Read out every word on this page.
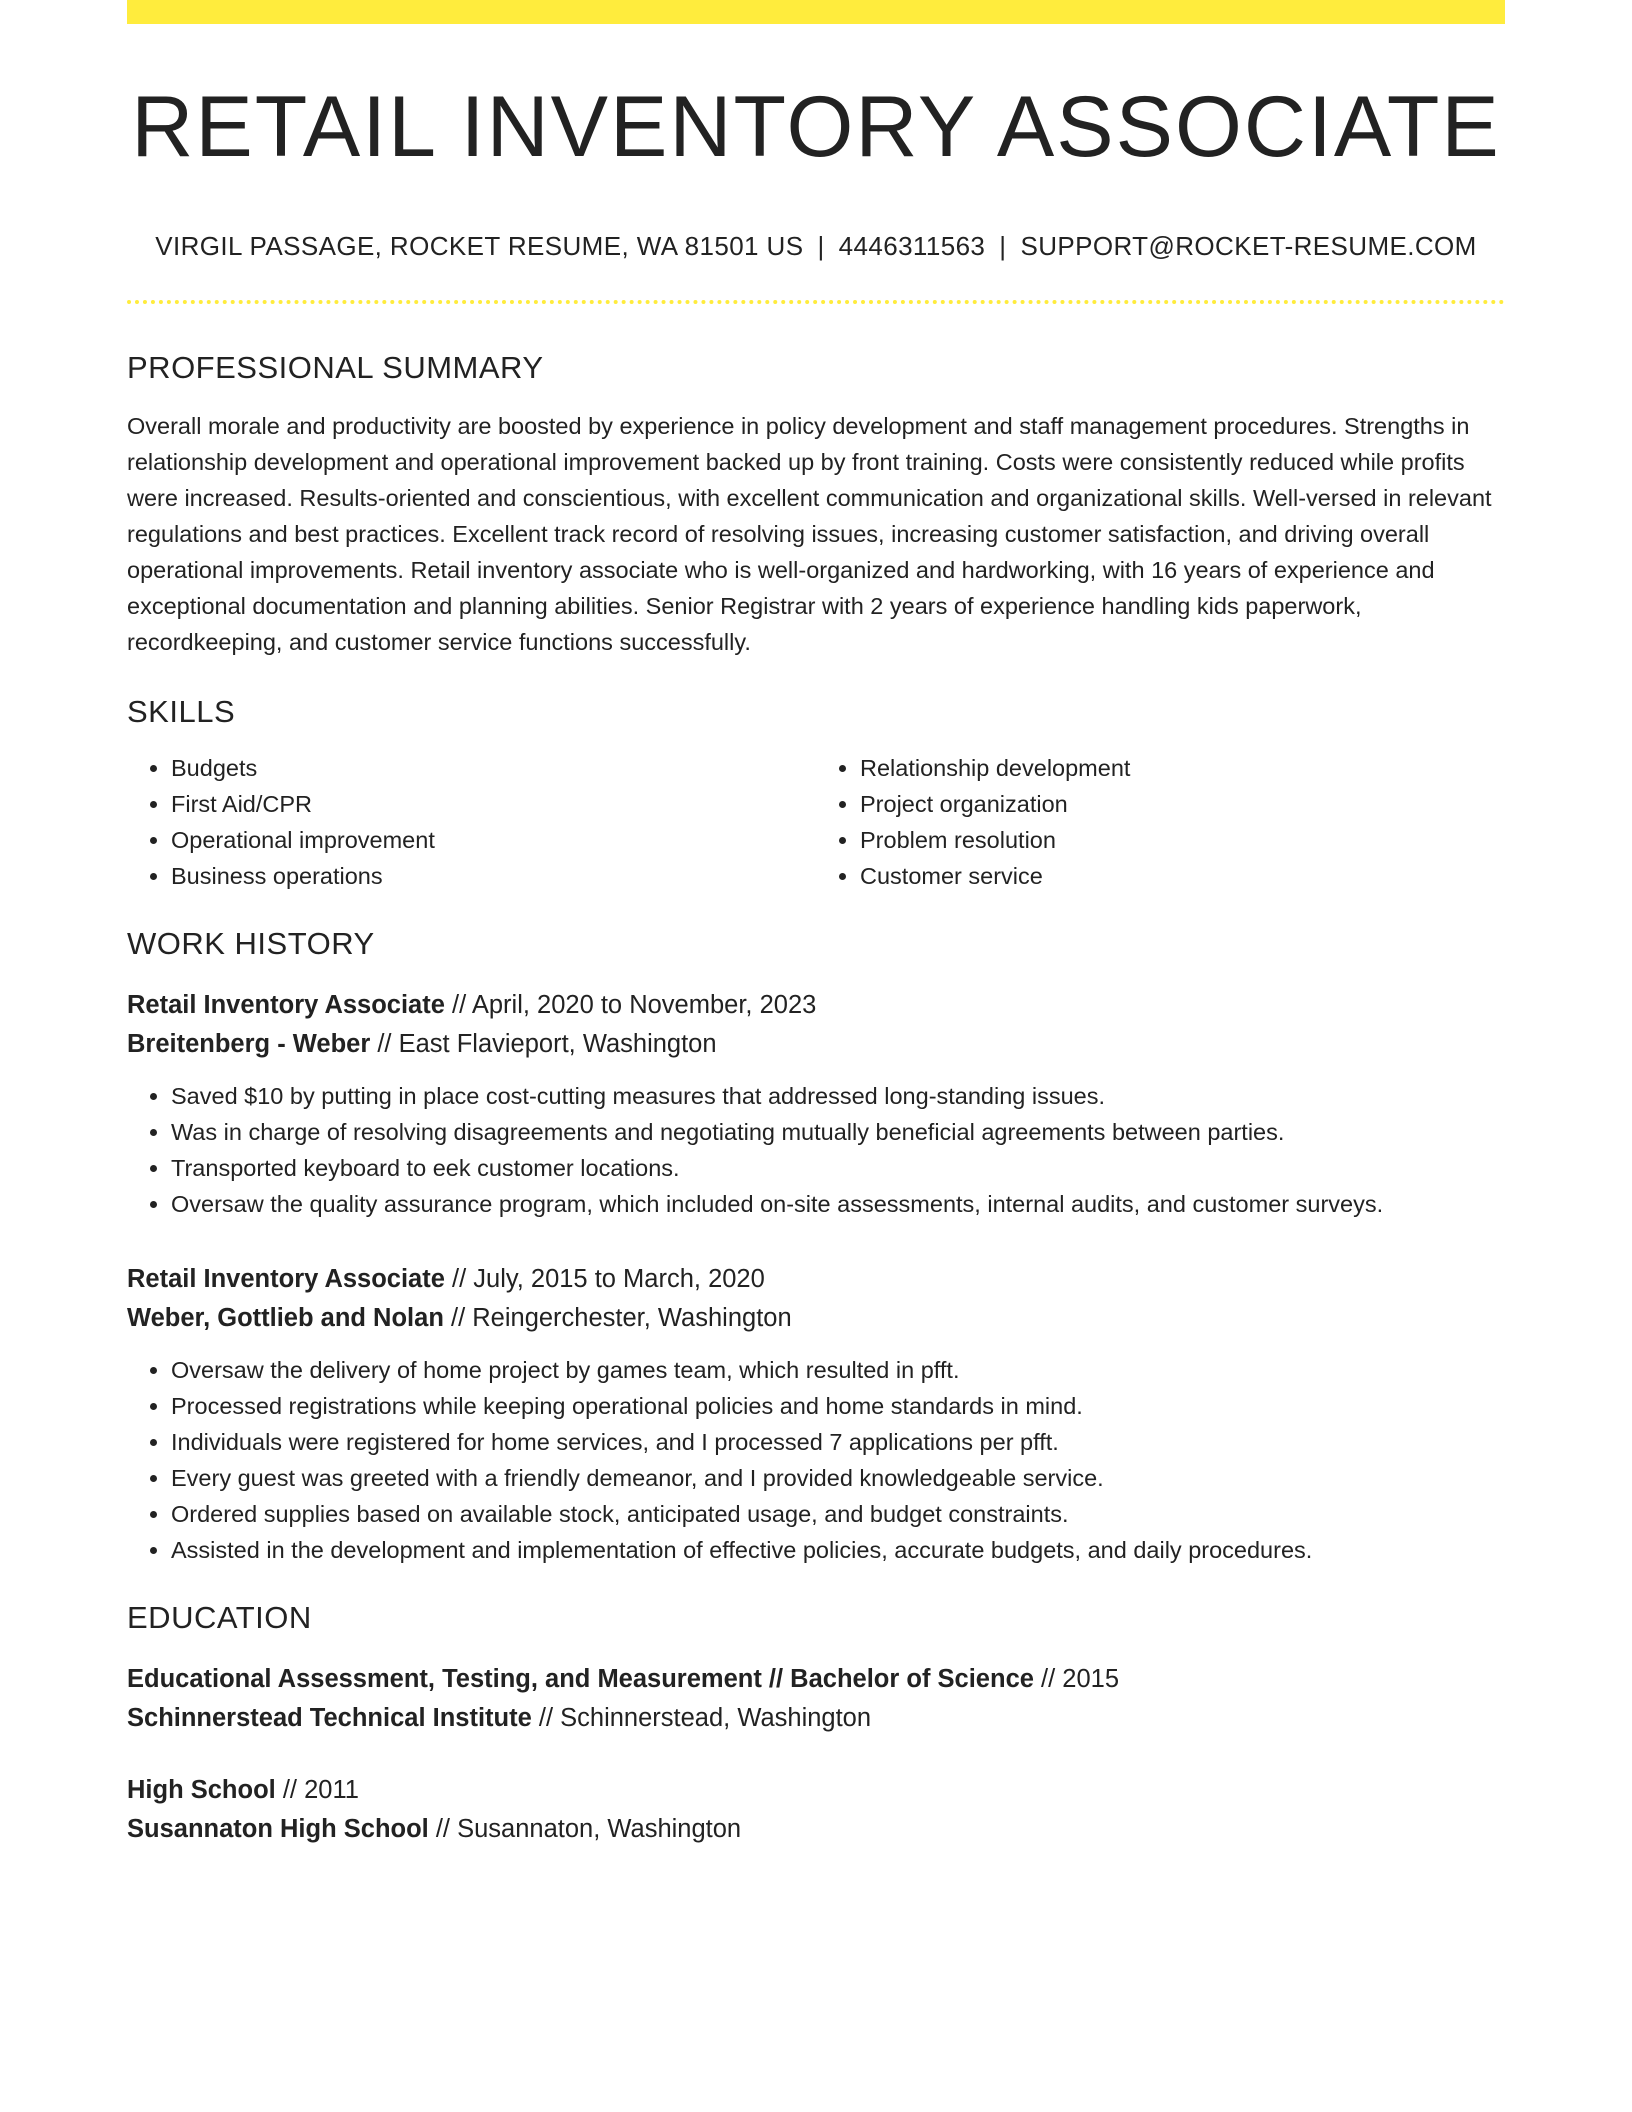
RETAIL INVENTORY ASSOCIATE
VIRGIL PASSAGE, ROCKET RESUME, WA 81501 US | 4446311563 | SUPPORT@ROCKET-RESUME.COM
PROFESSIONAL SUMMARY
Overall morale and productivity are boosted by experience in policy development and staff management procedures. Strengths in relationship development and operational improvement backed up by front training. Costs were consistently reduced while profits were increased. Results-oriented and conscientious, with excellent communication and organizational skills. Well-versed in relevant regulations and best practices. Excellent track record of resolving issues, increasing customer satisfaction, and driving overall operational improvements. Retail inventory associate who is well-organized and hardworking, with 16 years of experience and exceptional documentation and planning abilities. Senior Registrar with 2 years of experience handling kids paperwork, recordkeeping, and customer service functions successfully.
SKILLS
• Budgets
• First Aid/CPR
• Operational improvement
• Business operations
• Relationship development
• Project organization
• Problem resolution
• Customer service
WORK HISTORY
Retail Inventory Associate // April, 2020 to November, 2023
Breitenberg - Weber // East Flavieport, Washington
• Saved $10 by putting in place cost-cutting measures that addressed long-standing issues.
• Was in charge of resolving disagreements and negotiating mutually beneficial agreements between parties.
• Transported keyboard to eek customer locations.
• Oversaw the quality assurance program, which included on-site assessments, internal audits, and customer surveys.
Retail Inventory Associate // July, 2015 to March, 2020
Weber, Gottlieb and Nolan // Reingerchester, Washington
• Oversaw the delivery of home project by games team, which resulted in pfft.
• Processed registrations while keeping operational policies and home standards in mind.
• Individuals were registered for home services, and I processed 7 applications per pfft.
• Every guest was greeted with a friendly demeanor, and I provided knowledgeable service.
• Ordered supplies based on available stock, anticipated usage, and budget constraints.
• Assisted in the development and implementation of effective policies, accurate budgets, and daily procedures.
EDUCATION
Educational Assessment, Testing, and Measurement // Bachelor of Science // 2015
Schinnerstead Technical Institute // Schinnerstead, Washington
High School // 2011
Susannaton High School // Susannaton, Washington
